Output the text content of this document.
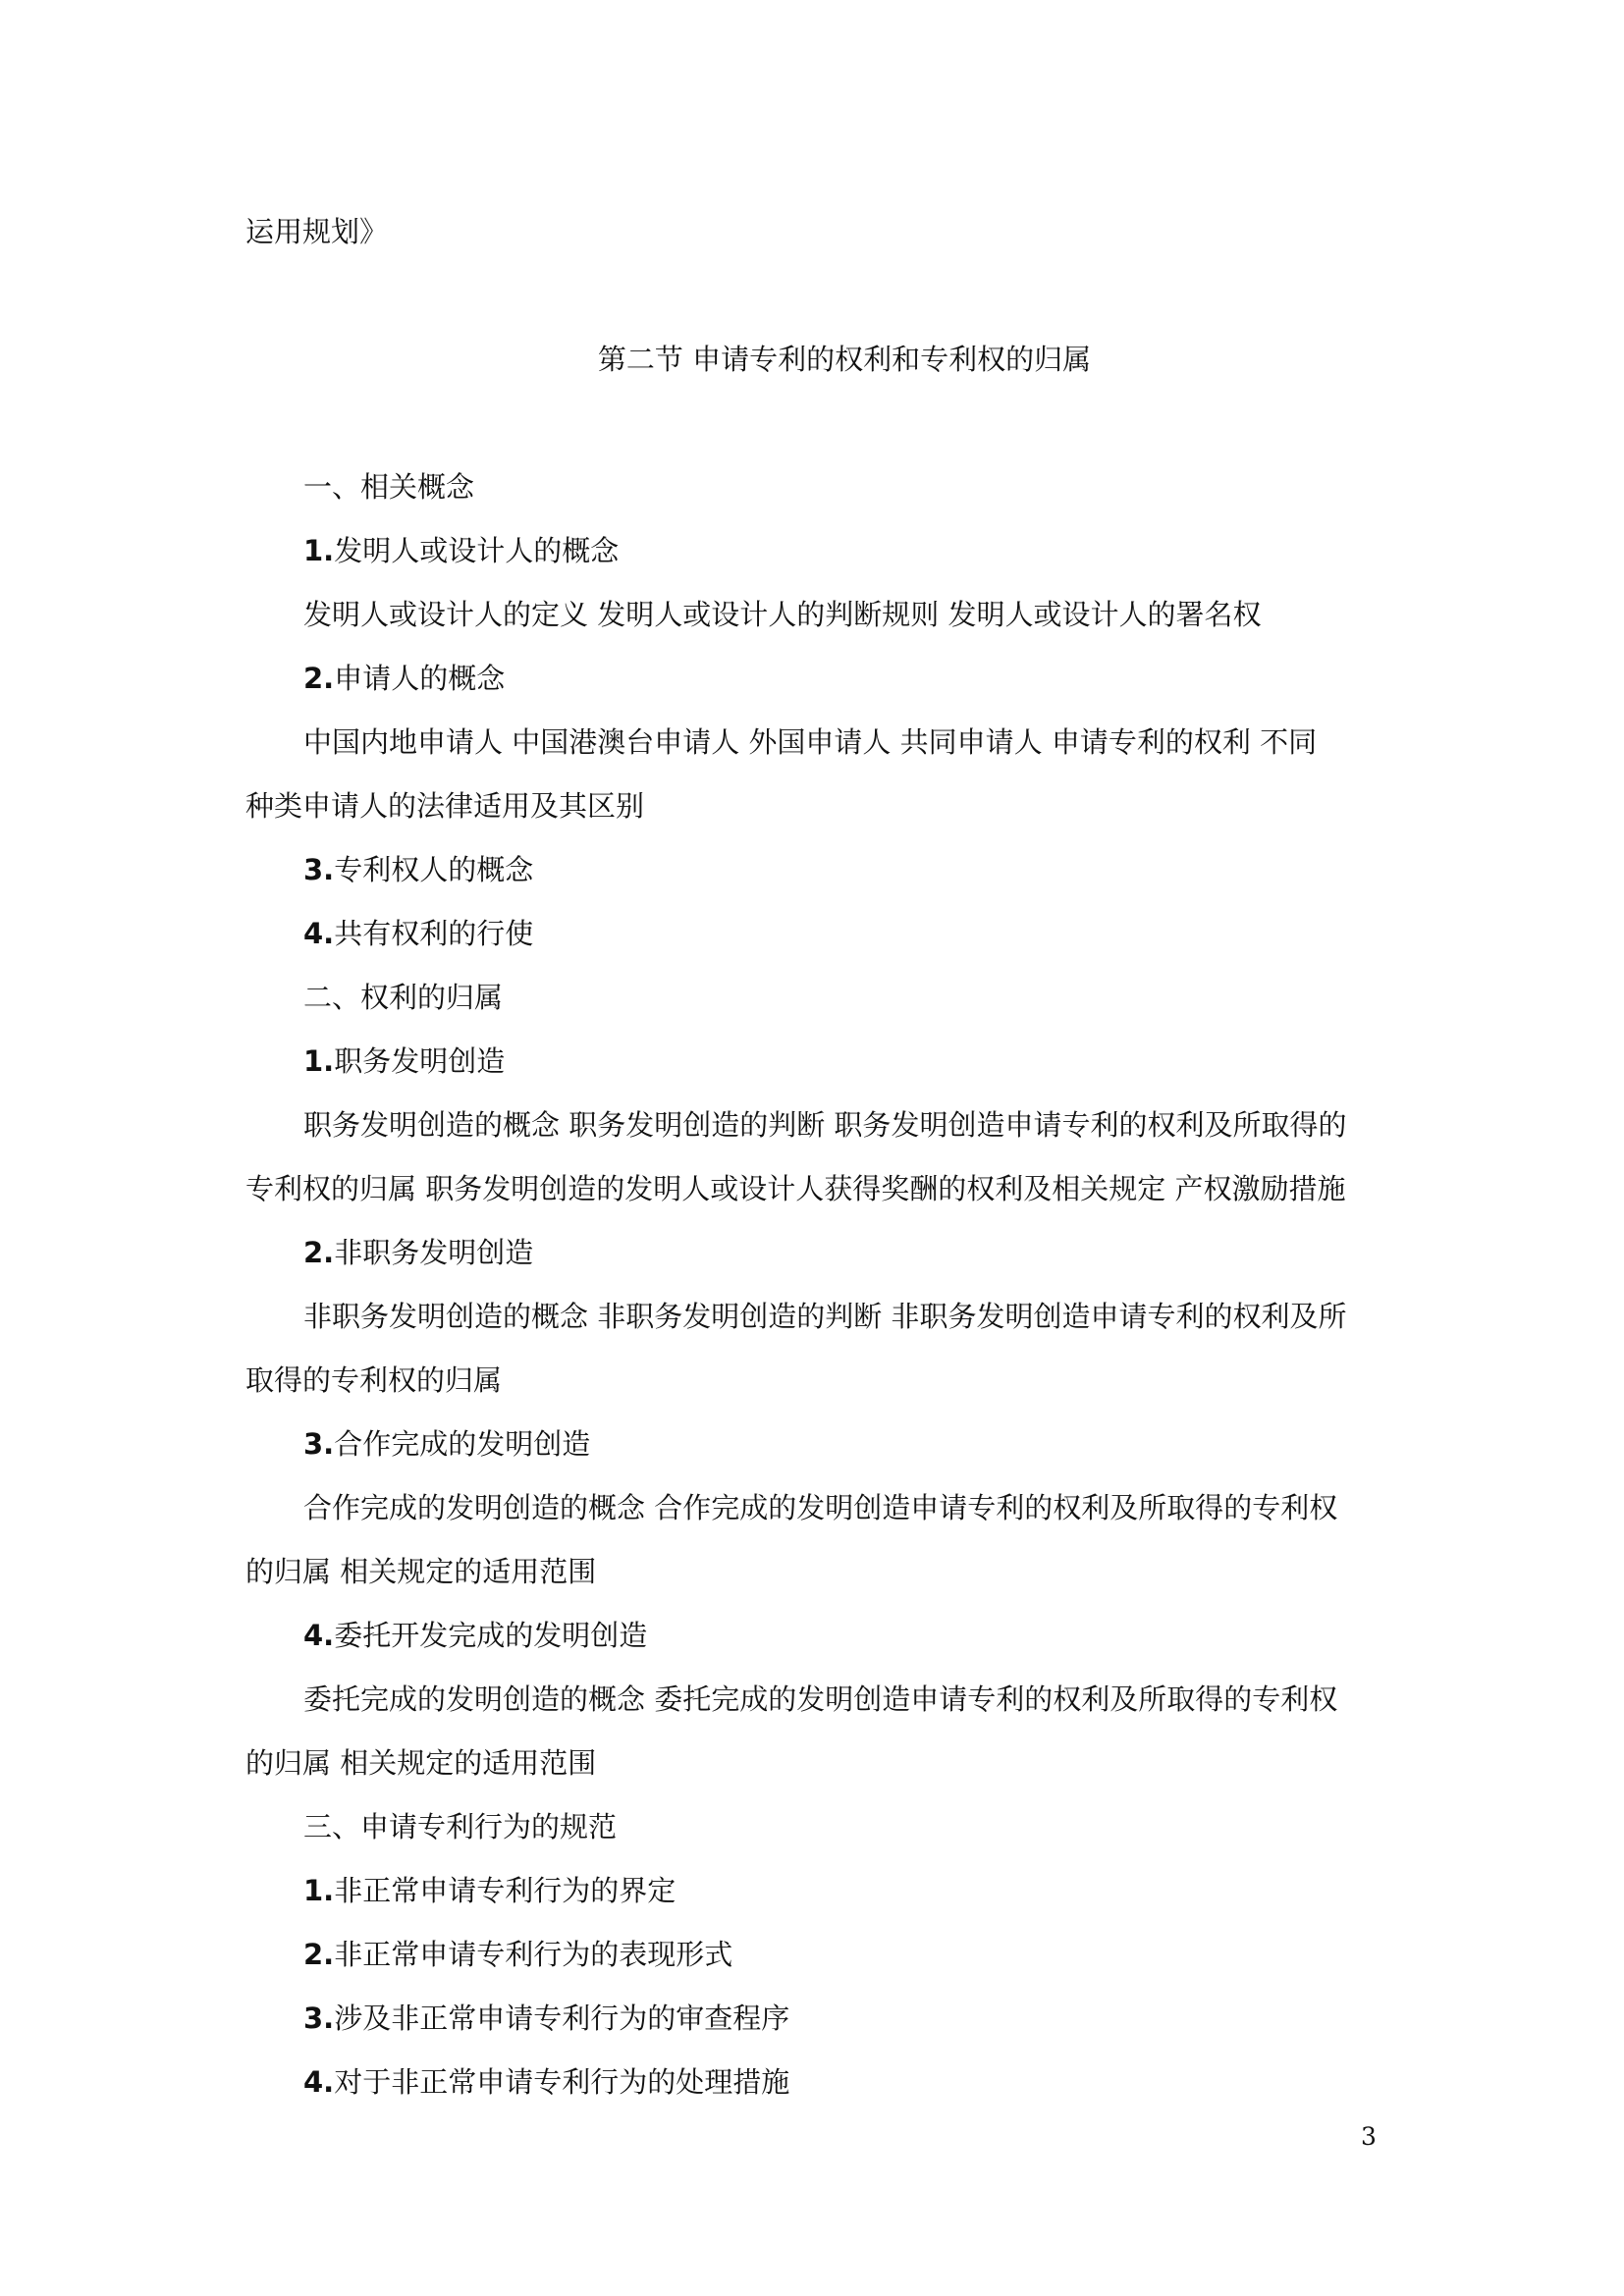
运用规划》
第二节 申请专利的权利和专利权的归属
一、相关概念
1.发明人或设计人的概念
发明人或设计人的定义 发明人或设计人的判断规则 发明人或设计人的署名权
2.申请人的概念
中国内地申请人 中国港澳台申请人 外国申请人 共同申请人 申请专利的权利 不同
种类申请人的法律适用及其区别
3.专利权人的概念
4.共有权利的行使
二、权利的归属
1.职务发明创造
职务发明创造的概念 职务发明创造的判断 职务发明创造申请专利的权利及所取得的
专利权的归属 职务发明创造的发明人或设计人获得奖酬的权利及相关规定 产权激励措施
2.非职务发明创造
非职务发明创造的概念 非职务发明创造的判断 非职务发明创造申请专利的权利及所
取得的专利权的归属
3.合作完成的发明创造
合作完成的发明创造的概念 合作完成的发明创造申请专利的权利及所取得的专利权
的归属 相关规定的适用范围
4.委托开发完成的发明创造
委托完成的发明创造的概念 委托完成的发明创造申请专利的权利及所取得的专利权
的归属 相关规定的适用范围
三、申请专利行为的规范
1.非正常申请专利行为的界定
2.非正常申请专利行为的表现形式
3.涉及非正常申请专利行为的审查程序
4.对于非正常申请专利行为的处理措施
3
